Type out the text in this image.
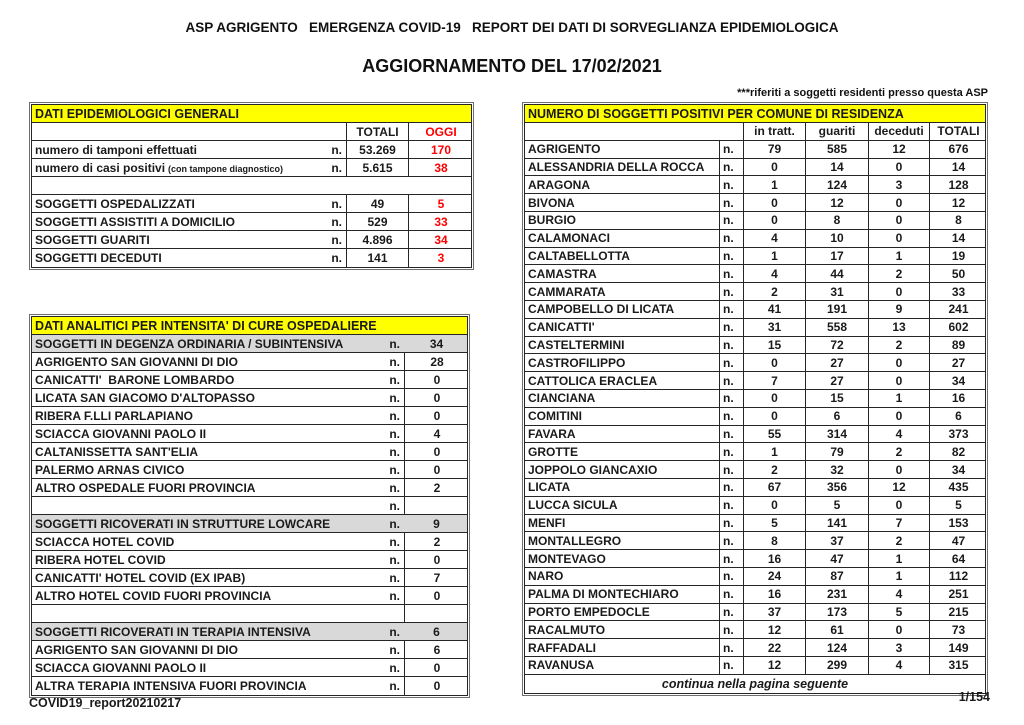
ASP AGRIGENTO   EMERGENZA COVID-19   REPORT DEI DATI DI SORVEGLIANZA EPIDEMIOLOGICA
AGGIORNAMENTO DEL 17/02/2021
***riferiti a soggetti residenti presso questa ASP
DATI EPIDEMIOLOGICI GENERALI
TOTALI	OGGI
numero di tamponi effettuati	n.	53.269	170
numero di casi positivi (con tampone diagnostico)	n.	5.615	38
SOGGETTI OSPEDALIZZATI	n.	49	5
SOGGETTI ASSISTITI A DOMICILIO	n.	529	33
SOGGETTI GUARITI	n.	4.896	34
SOGGETTI DECEDUTI	n.	141	3
DATI ANALITICI PER INTENSITA' DI CURE OSPEDALIERE
SOGGETTI IN DEGENZA ORDINARIA / SUBINTENSIVA	n.	34
AGRIGENTO SAN GIOVANNI DI DIO	n.	28
CANICATTI'  BARONE LOMBARDO	n.	0
LICATA SAN GIACOMO D'ALTOPASSO	n.	0
RIBERA F.LLI PARLAPIANO	n.	0
SCIACCA GIOVANNI PAOLO II	n.	4
CALTANISSETTA SANT'ELIA	n.	0
PALERMO ARNAS CIVICO	n.	0
ALTRO OSPEDALE FUORI PROVINCIA	n.	2
n.
SOGGETTI RICOVERATI IN STRUTTURE LOWCARE	n.	9
SCIACCA HOTEL COVID	n.	2
RIBERA HOTEL COVID	n.	0
CANICATTI' HOTEL COVID (EX IPAB)	n.	7
ALTRO HOTEL COVID FUORI PROVINCIA	n.	0
SOGGETTI RICOVERATI IN TERAPIA INTENSIVA	n.	6
AGRIGENTO SAN GIOVANNI DI DIO	n.	6
SCIACCA GIOVANNI PAOLO II	n.	0
ALTRA TERAPIA INTENSIVA FUORI PROVINCIA	n.	0
NUMERO DI SOGGETTI POSITIVI PER COMUNE DI RESIDENZA
in tratt.	guariti	deceduti	TOTALI
AGRIGENTO	n.	79	585	12	676
ALESSANDRIA DELLA ROCCA	n.	0	14	0	14
ARAGONA	n.	1	124	3	128
BIVONA	n.	0	12	0	12
BURGIO	n.	0	8	0	8
CALAMONACI	n.	4	10	0	14
CALTABELLOTTA	n.	1	17	1	19
CAMASTRA	n.	4	44	2	50
CAMMARATA	n.	2	31	0	33
CAMPOBELLO DI LICATA	n.	41	191	9	241
CANICATTI'	n.	31	558	13	602
CASTELTERMINI	n.	15	72	2	89
CASTROFILIPPO	n.	0	27	0	27
CATTOLICA ERACLEA	n.	7	27	0	34
CIANCIANA	n.	0	15	1	16
COMITINI	n.	0	6	0	6
FAVARA	n.	55	314	4	373
GROTTE	n.	1	79	2	82
JOPPOLO GIANCAXIO	n.	2	32	0	34
LICATA	n.	67	356	12	435
LUCCA SICULA	n.	0	5	0	5
MENFI	n.	5	141	7	153
MONTALLEGRO	n.	8	37	2	47
MONTEVAGO	n.	16	47	1	64
NARO	n.	24	87	1	112
PALMA DI MONTECHIARO	n.	16	231	4	251
PORTO EMPEDOCLE	n.	37	173	5	215
RACALMUTO	n.	12	61	0	73
RAFFADALI	n.	22	124	3	149
RAVANUSA	n.	12	299	4	315
continua nella pagina seguente
COVID19_report20210217	1/154
